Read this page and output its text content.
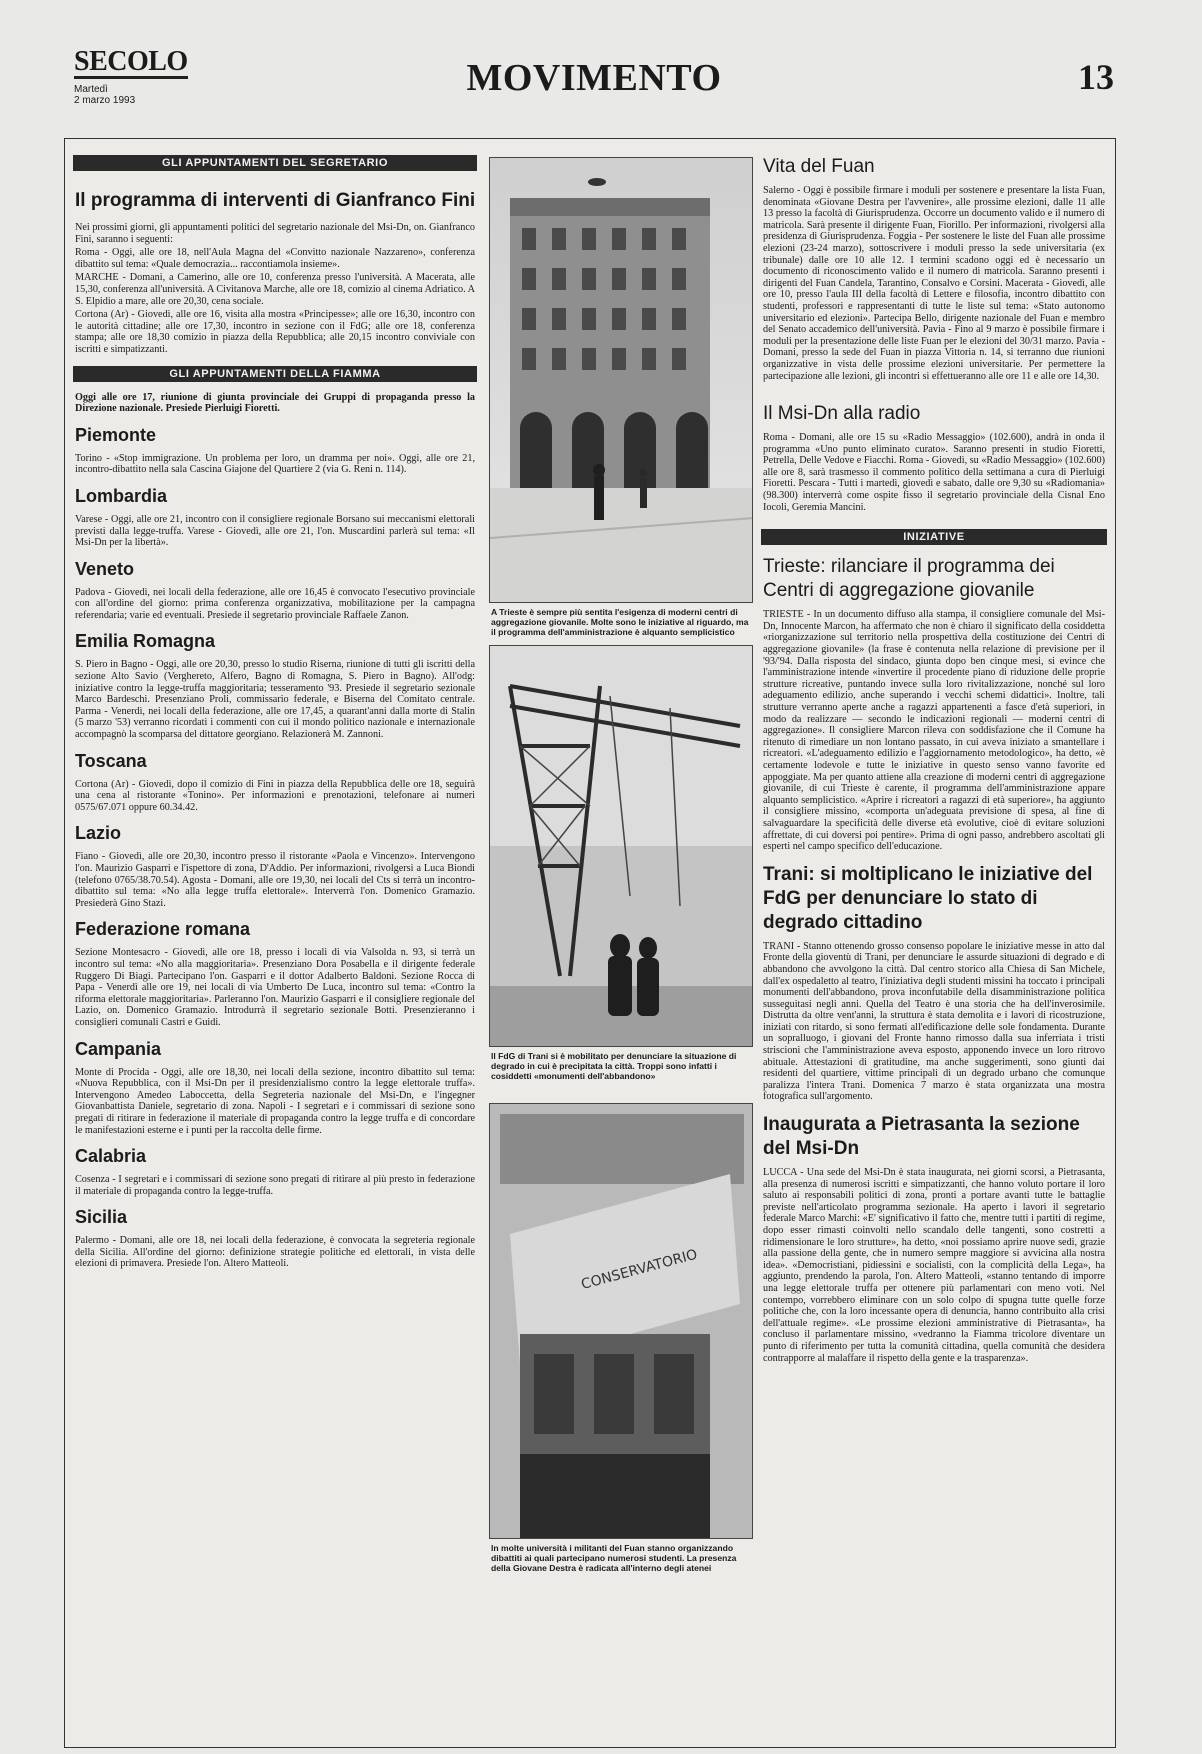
SECOLO
Martedì
2 marzo 1993
MOVIMENTO	13
GLI APPUNTAMENTI DEL SEGRETARIO
Il programma di interventi di Gianfranco Fini

Nei prossimi giorni, gli appuntamenti politici del segretario nazionale del Msi-Dn, on. Gianfranco Fini, saranno i seguenti:

Roma - Oggi, alle ore 18, nell'Aula Magna del «Convitto nazionale Nazzareno», conferenza dibattito sul tema: «Quale democrazia... raccontiamola insieme».

MARCHE - Domani, a Camerino, alle ore 10, conferenza presso l'università. A Macerata, alle 15,30, conferenza all'università. A Civitanova Marche, alle ore 18, comizio al cinema Adriatico. A S. Elpidio a mare, alle ore 20,30, cena sociale.

Cortona (Ar) - Giovedì, alle ore 16, visita alla mostra «Principesse»; alle ore 16,30, incontro con le autorità cittadine; alle ore 17,30, incontro in sezione con il FdG; alle ore 18, conferenza stampa; alle ore 18,30 comizio in piazza della Repubblica; alle 20,15 incontro conviviale con iscritti e simpatizzanti.

GLI APPUNTAMENTI DELLA FIAMMA

Oggi alle ore 17, riunione di giunta provinciale dei Gruppi di propaganda presso la Direzione nazionale. Presiede Pierluigi Fioretti.

Piemonte

Torino - «Stop immigrazione. Un problema per loro, un dramma per noi». Oggi, alle ore 21, incontro-dibattito nella sala Cascina Giajone del Quartiere 2 (via G. Reni n. 114).

Lombardia

Varese - Oggi, alle ore 21, incontro con il consigliere regionale Borsano sui meccanismi elettorali previsti dalla legge-truffa. Varese - Giovedì, alle ore 21, l'on. Muscardini parlerà sul tema: «Il Msi-Dn per la libertà».

Veneto

Padova - Giovedì, nei locali della federazione, alle ore 16,45 è convocato l'esecutivo provinciale con all'ordine del giorno: prima conferenza organizzativa, mobilitazione per la campagna referendaria; varie ed eventuali. Presiede il segretario provinciale Raffaele Zanon.

Emilia Romagna

S. Piero in Bagno - Oggi, alle ore 20,30, presso lo studio Riserna, riunione di tutti gli iscritti della sezione Alto Savio (Verghereto, Alfero, Bagno di Romagna, S. Piero in Bagno). All'odg: iniziative contro la legge-truffa maggioritaria; tesseramento '93. Presiede il segretario sezionale Marco Bardeschi. Presenziano Proli, commissario federale, e Biserna del Comitato centrale. Parma - Venerdì, nei locali della federazione, alle ore 17,45, a quarant'anni dalla morte di Stalin (5 marzo '53) verranno ricordati i commenti con cui il mondo politico nazionale e internazionale accompagnò la scomparsa del dittatore georgiano. Relazionerà M. Zannoni.

Toscana

Cortona (Ar) - Giovedì, dopo il comizio di Fini in piazza della Repubblica delle ore 18, seguirà una cena al ristorante «Tonino». Per informazioni e prenotazioni, telefonare ai numeri 0575/67.071 oppure 60.34.42.

Lazio

Fiano - Giovedì, alle ore 20,30, incontro presso il ristorante «Paola e Vincenzo». Intervengono l'on. Maurizio Gasparri e l'ispettore di zona, D'Addio. Per informazioni, rivolgersi a Luca Biondi (telefono 0765/38.70.54). Agosta - Domani, alle ore 19,30, nei locali del Cts si terrà un incontro-dibattito sul tema: «No alla legge truffa elettorale». Interverrà l'on. Domenico Gramazio. Presiederà Gino Stazi.

Federazione romana

Sezione Montesacro - Giovedì, alle ore 18, presso i locali di via Valsolda n. 93, si terrà un incontro sul tema: «No alla maggioritaria». Presenziano Dora Posabella e il dirigente federale Ruggero Di Biagi. Partecipano l'on. Gasparri e il dottor Adalberto Baldoni. Sezione Rocca di Papa - Venerdì alle ore 19, nei locali di via Umberto De Luca, incontro sul tema: «Contro la riforma elettorale maggioritaria». Parleranno l'on. Maurizio Gasparri e il consigliere regionale del Lazio, on. Domenico Gramazio. Introdurrà il segretario sezionale Botti. Presenzieranno i consiglieri comunali Castri e Guidi.

Campania

Monte di Procida - Oggi, alle ore 18,30, nei locali della sezione, incontro dibattito sul tema: «Nuova Repubblica, con il Msi-Dn per il presidenzialismo contro la legge elettorale truffa». Intervengono Amedeo Laboccetta, della Segreteria nazionale del Msi-Dn, e l'ingegner Giovanbattista Daniele, segretario di zona. Napoli - I segretari e i commissari di sezione sono pregati di ritirare in federazione il materiale di propaganda contro la legge truffa e di concordare le manifestazioni esterne e i punti per la raccolta delle firme.

Calabria

Cosenza - I segretari e i commissari di sezione sono pregati di ritirare al più presto in federazione il materiale di propaganda contro la legge-truffa.

Sicilia

Palermo - Domani, alle ore 18, nei locali della federazione, è convocata la segreteria regionale della Sicilia. All'ordine del giorno: definizione strategie politiche ed elettorali, in vista delle elezioni di primavera. Presiede l'on. Altero Matteoli.

A Trieste è sempre più sentita l'esigenza di moderni centri di aggregazione giovanile. Molte sono le iniziative al riguardo, ma il programma dell'amministrazione è alquanto semplicistico
Il FdG di Trani si è mobilitato per denunciare la situazione di degrado in cui è precipitata la città. Troppi sono infatti i cosiddetti «monumenti dell'abbandono»
CONSERVATORIO
In molte università i militanti del Fuan stanno organizzando dibattiti ai quali partecipano numerosi studenti. La presenza della Giovane Destra è radicata all'interno degli atenei
Vita del Fuan

Salerno - Oggi è possibile firmare i moduli per sostenere e presentare la lista Fuan, denominata «Giovane Destra per l'avvenire», alle prossime elezioni, dalle 11 alle 13 presso la facoltà di Giurisprudenza. Occorre un documento valido e il numero di matricola. Sarà presente il dirigente Fuan, Fiorillo. Per informazioni, rivolgersi alla presidenza di Giurisprudenza. Foggia - Per sostenere le liste del Fuan alle prossime elezioni (23-24 marzo), sottoscrivere i moduli presso la sede universitaria (ex tribunale) dalle ore 10 alle 12. I termini scadono oggi ed è necessario un documento di riconoscimento valido e il numero di matricola. Saranno presenti i dirigenti del Fuan Candela, Tarantino, Consalvo e Corsini. Macerata - Giovedì, alle ore 10, presso l'aula III della facoltà di Lettere e filosofia, incontro dibattito con studenti, professori e rappresentanti di tutte le liste sul tema: «Stato autonomo universitario ed elezioni». Partecipa Bello, dirigente nazionale del Fuan e membro del Senato accademico dell'università. Pavia - Fino al 9 marzo è possibile firmare i moduli per la presentazione delle liste Fuan per le elezioni del 30/31 marzo. Pavia - Domani, presso la sede del Fuan in piazza Vittoria n. 14, si terranno due riunioni organizzative in vista delle prossime elezioni universitarie. Per permettere la partecipazione alle lezioni, gli incontri si effettueranno alle ore 11 e alle ore 14,30.

Il Msi-Dn alla radio

Roma - Domani, alle ore 15 su «Radio Messaggio» (102.600), andrà in onda il programma «Uno punto eliminato curato». Saranno presenti in studio Fioretti, Petrella, Delle Vedove e Fiacchi. Roma - Giovedì, su «Radio Messaggio» (102.600) alle ore 8, sarà trasmesso il commento politico della settimana a cura di Pierluigi Fioretti. Pescara - Tutti i martedì, giovedì e sabato, dalle ore 9,30 su «Radiomania» (98.300) interverrà come ospite fisso il segretario provinciale della Cisnal Eno Iocoli, Geremia Mancini.

INIZIATIVE
Trieste: rilanciare il programma dei Centri di aggregazione giovanile

TRIESTE - In un documento diffuso alla stampa, il consigliere comunale del Msi-Dn, Innocente Marcon, ha affermato che non è chiaro il significato della cosiddetta «riorganizzazione sul territorio nella prospettiva della costituzione dei Centri di aggregazione giovanile» (la frase è contenuta nella relazione di previsione per il '93/'94. Dalla risposta del sindaco, giunta dopo ben cinque mesi, si evince che l'amministrazione intende «invertire il procedente piano di riduzione delle proprie strutture ricreative, puntando invece sulla loro rivitalizzazione, nonché sul loro adeguamento edilizio, anche superando i vecchi schemi didattici». Inoltre, tali strutture verranno aperte anche a ragazzi appartenenti a fasce d'età superiori, in modo da realizzare — secondo le indicazioni regionali — moderni centri di aggregazione». Il consigliere Marcon rileva con soddisfazione che il Comune ha ritenuto di rimediare un non lontano passato, in cui aveva iniziato a smantellare i ricreatori. «L'adeguamento edilizio e l'aggiornamento metodologico», ha detto, «è certamente lodevole e tutte le iniziative in questo senso vanno favorite ed appoggiate. Ma per quanto attiene alla creazione di moderni centri di aggregazione giovanile, di cui Trieste è carente, il programma dell'amministrazione appare alquanto semplicistico. «Aprire i ricreatori a ragazzi di età superiore», ha aggiunto il consigliere missino, «comporta un'adeguata previsione di spesa, al fine di salvaguardare la specificità delle diverse età evolutive, cioè di evitare soluzioni affrettate, di cui doversi poi pentire». Prima di ogni passo, andrebbero ascoltati gli esperti nel campo specifico dell'educazione.

Trani: si moltiplicano le iniziative del FdG per denunciare lo stato di degrado cittadino

TRANI - Stanno ottenendo grosso consenso popolare le iniziative messe in atto dal Fronte della gioventù di Trani, per denunciare le assurde situazioni di degrado e di abbandono che avvolgono la città. Dal centro storico alla Chiesa di San Michele, dall'ex ospedaletto al teatro, l'iniziativa degli studenti missini ha toccato i principali monumenti dell'abbandono, prova inconfutabile della disamministrazione politica susseguitasi negli anni. Quella del Teatro è una storia che ha dell'inverosimile. Distrutta da oltre vent'anni, la struttura è stata demolita e i lavori di ricostruzione, iniziati con ritardo, si sono fermati all'edificazione delle sole fondamenta. Durante un sopralluogo, i giovani del Fronte hanno rimosso dalla sua inferriata i tristi striscioni che l'amministrazione aveva esposto, apponendo invece un loro ritrovo abituale. Attestazioni di gratitudine, ma anche suggerimenti, sono giunti dai residenti del quartiere, vittime principali di un degrado urbano che comunque paralizza l'intera Trani. Domenica 7 marzo è stata organizzata una mostra fotografica sull'argomento.

Inaugurata a Pietrasanta la sezione del Msi-Dn

LUCCA - Una sede del Msi-Dn è stata inaugurata, nei giorni scorsi, a Pietrasanta, alla presenza di numerosi iscritti e simpatizzanti, che hanno voluto portare il loro saluto ai responsabili politici di zona, pronti a portare avanti tutte le battaglie previste nell'articolato programma sezionale. Ha aperto i lavori il segretario federale Marco Marchi: «E' significativo il fatto che, mentre tutti i partiti di regime, dopo esser rimasti coinvolti nello scandalo delle tangenti, sono costretti a ridimensionare le loro strutture», ha detto, «noi possiamo aprire nuove sedi, grazie alla passione della gente, che in numero sempre maggiore si avvicina alla nostra idea». «Democristiani, pidiessini e socialisti, con la complicità della Lega», ha aggiunto, prendendo la parola, l'on. Altero Matteoli, «stanno tentando di imporre una legge elettorale truffa per ottenere più parlamentari con meno voti. Nel contempo, vorrebbero eliminare con un solo colpo di spugna tutte quelle forze politiche che, con la loro incessante opera di denuncia, hanno contribuito alla crisi dell'attuale regime». «Le prossime elezioni amministrative di Pietrasanta», ha concluso il parlamentare missino, «vedranno la Fiamma tricolore diventare un punto di riferimento per tutta la comunità cittadina, quella comunità che desidera contrapporre al malaffare il rispetto della gente e la trasparenza».
